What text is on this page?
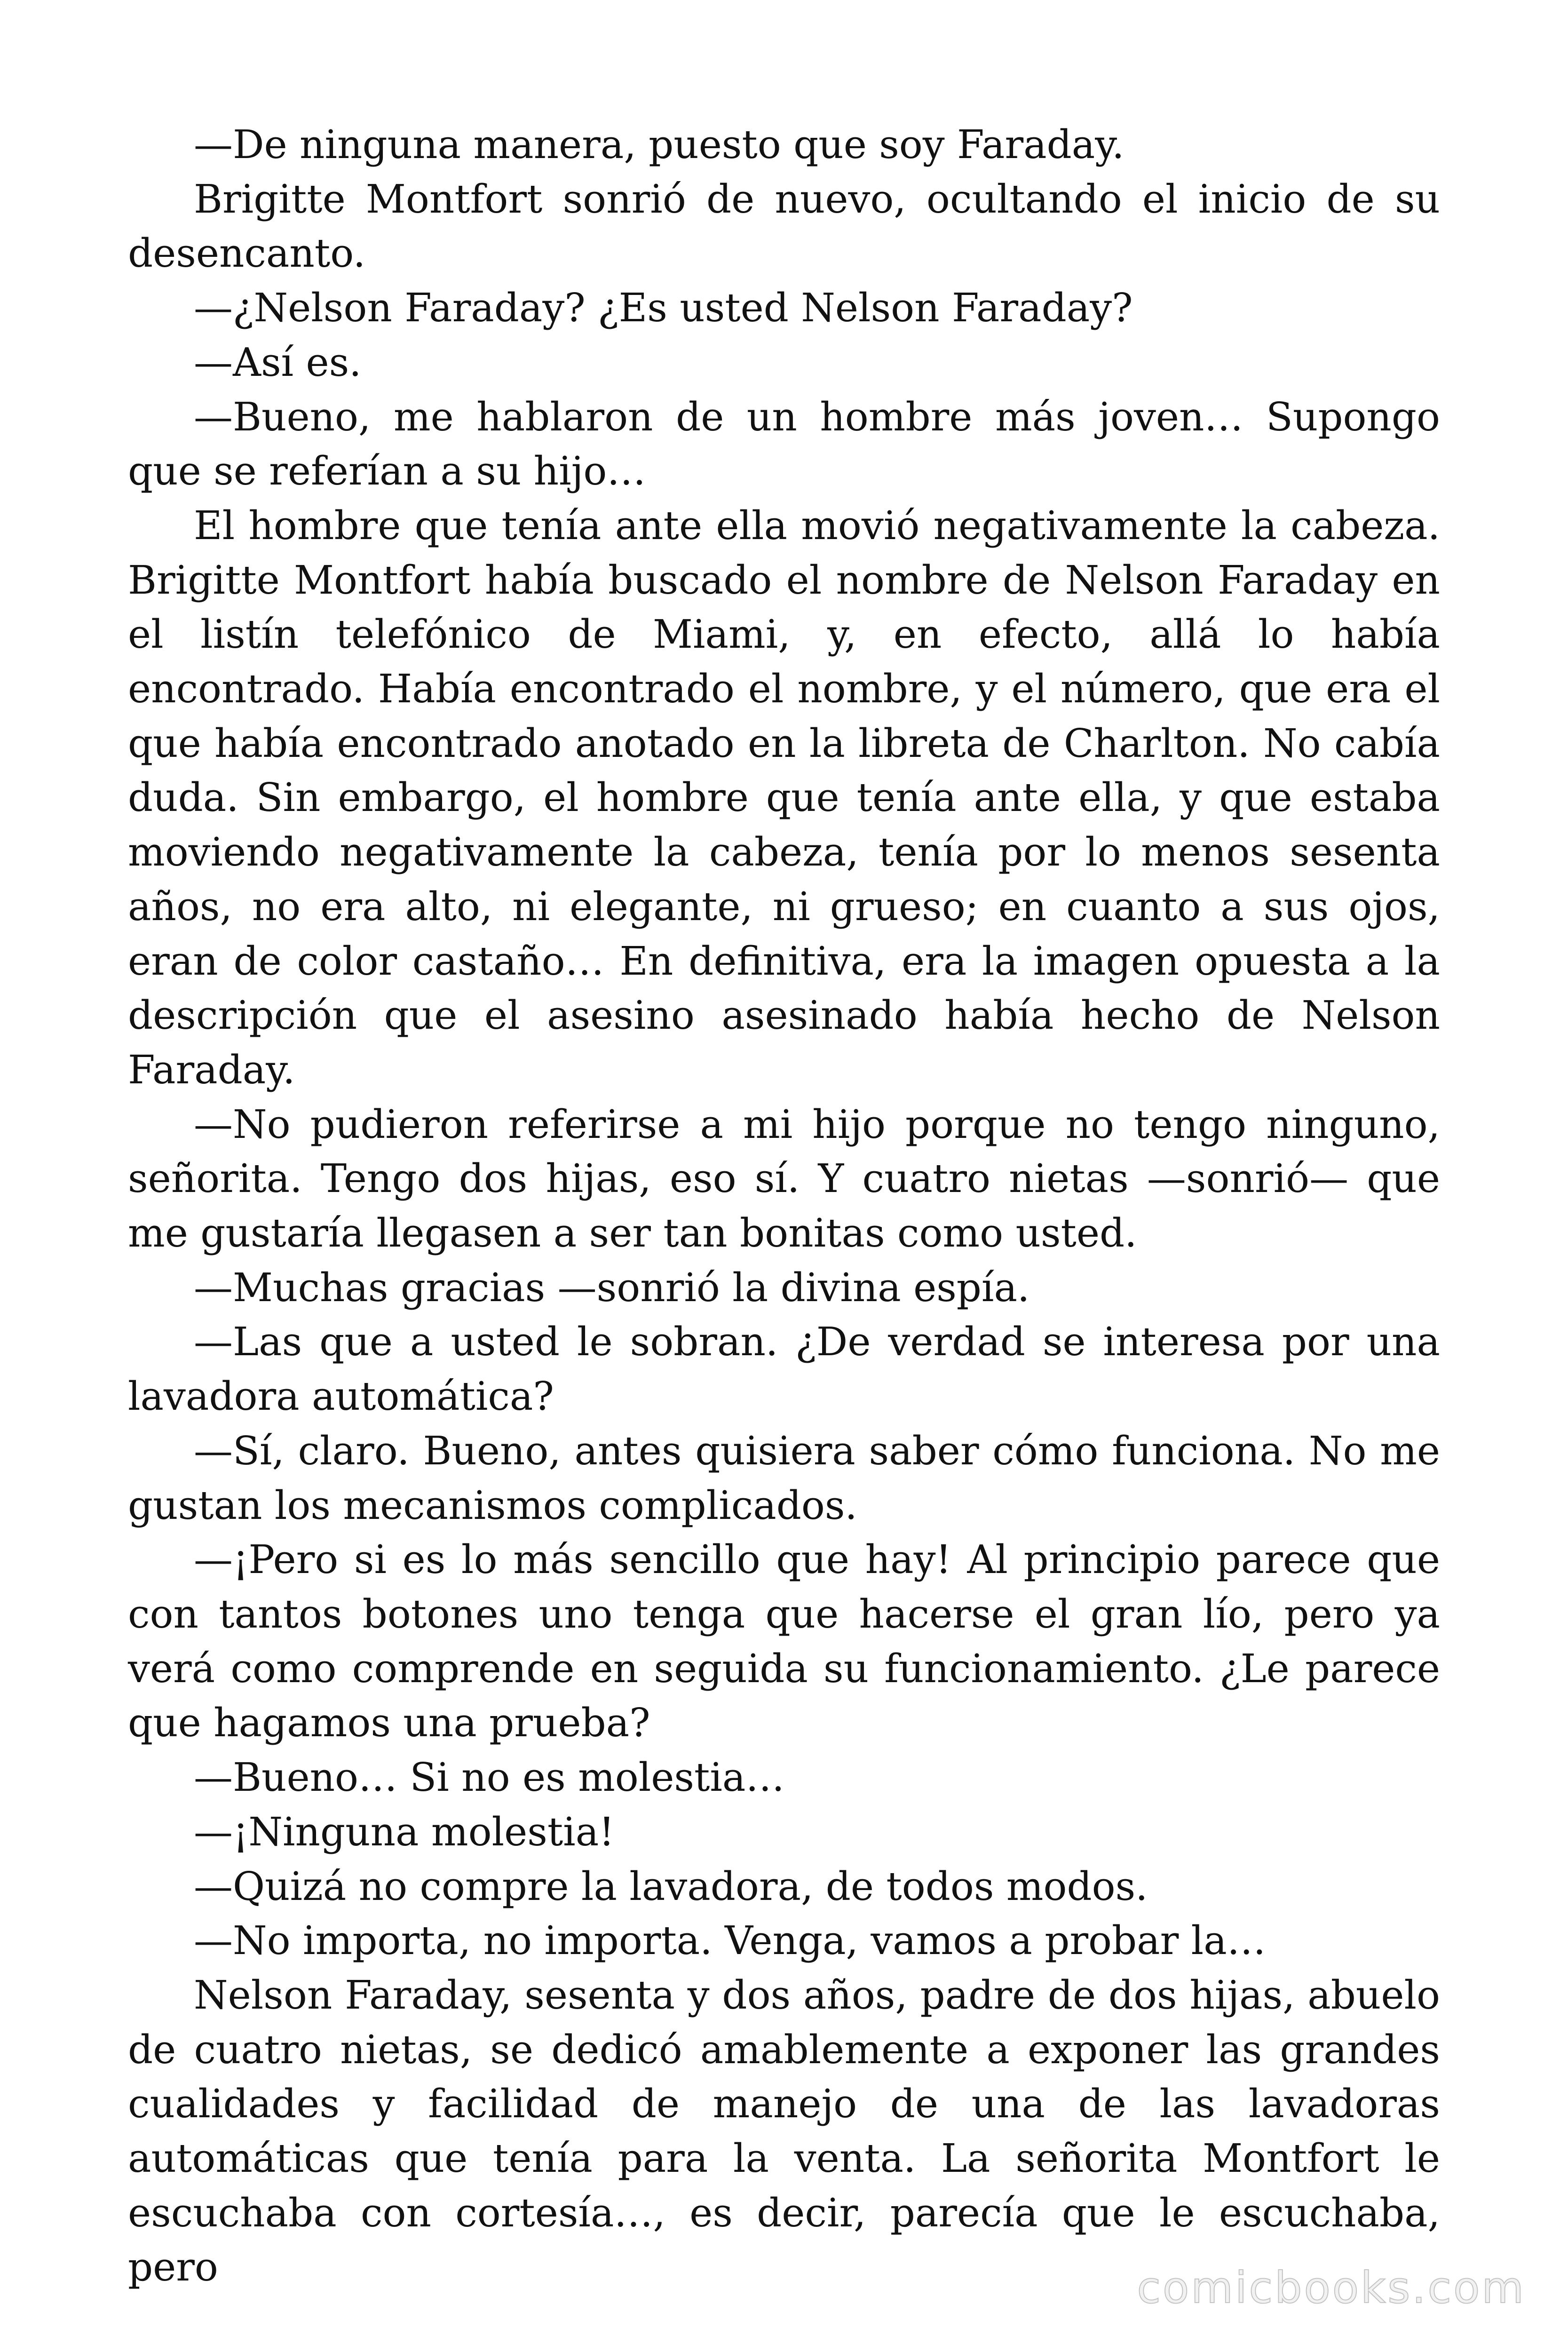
—De ninguna manera, puesto que soy Faraday.

Brigitte Montfort sonrió de nuevo, ocultando el inicio de su desencanto.

—¿Nelson Faraday? ¿Es usted Nelson Faraday?

—Así es.

—Bueno, me hablaron de un hombre más joven… Supongo que se referían a su hijo…

El hombre que tenía ante ella movió negativamente la cabeza. Brigitte Montfort había buscado el nombre de Nelson Faraday en el listín telefónico de Miami, y, en efecto, allá lo había encontrado. Había encontrado el nombre, y el número, que era el que había encontrado anotado en la libreta de Charlton. No cabía duda. Sin embargo, el hombre que tenía ante ella, y que estaba moviendo negativamente la cabeza, tenía por lo menos sesenta años, no era alto, ni elegante, ni grueso; en cuanto a sus ojos, eran de color castaño… En definitiva, era la imagen opuesta a la descripción que el asesino asesinado había hecho de Nelson Faraday.

—No pudieron referirse a mi hijo porque no tengo ninguno, señorita. Tengo dos hijas, eso sí. Y cuatro nietas —sonrió— que me gustaría llegasen a ser tan bonitas como usted.

—Muchas gracias —sonrió la divina espía.

—Las que a usted le sobran. ¿De verdad se interesa por una lavadora automática?

—Sí, claro. Bueno, antes quisiera saber cómo funciona. No me gustan los mecanismos complicados.

—¡Pero si es lo más sencillo que hay! Al principio parece que con tantos botones uno tenga que hacerse el gran lío, pero ya verá como comprende en seguida su funcionamiento. ¿Le parece que hagamos una prueba?

—Bueno… Si no es molestia…

—¡Ninguna molestia!

—Quizá no compre la lavadora, de todos modos.

—No importa, no importa. Venga, vamos a probar la…

Nelson Faraday, sesenta y dos años, padre de dos hijas, abuelo de cuatro nietas, se dedicó amablemente a exponer las grandes cualidades y facilidad de manejo de una de las lavadoras automáticas que tenía para la venta. La señorita Montfort le escuchaba con cortesía…, es decir, parecía que le escuchaba, pero	comicbooks.com
